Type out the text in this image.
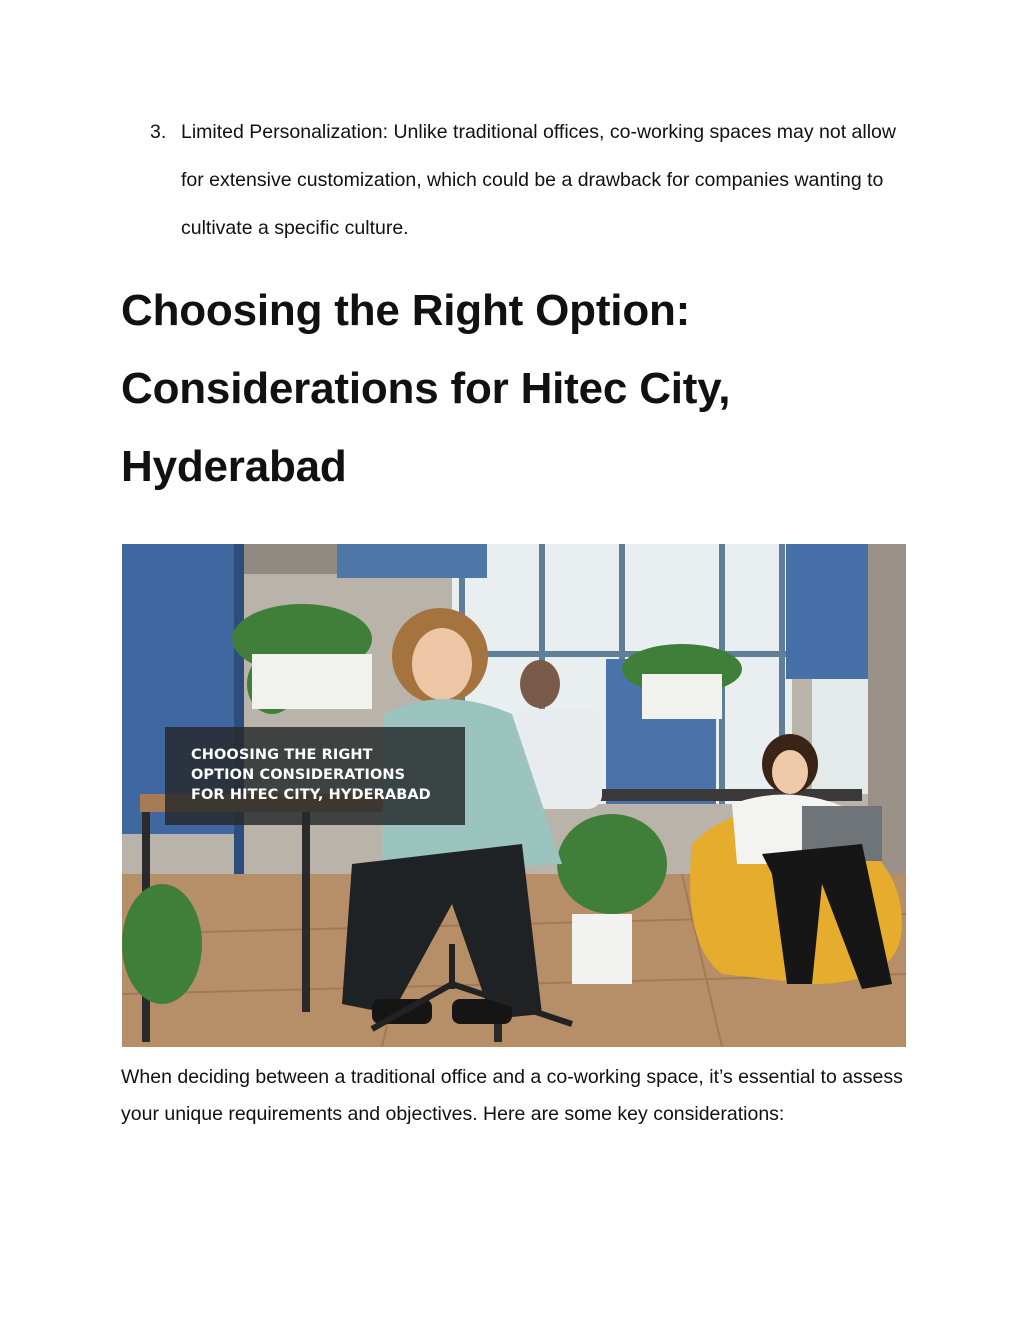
3. Limited Personalization: Unlike traditional offices, co-working spaces may not allow for extensive customization, which could be a drawback for companies wanting to cultivate a specific culture.
Choosing the Right Option: Considerations for Hitec City, Hyderabad
CHOOSING THE RIGHT
OPTION CONSIDERATIONS
FOR HITEC CITY, HYDERABAD

When deciding between a traditional office and a co-working space, it’s essential to assess your unique requirements and objectives. Here are some key considerations:
